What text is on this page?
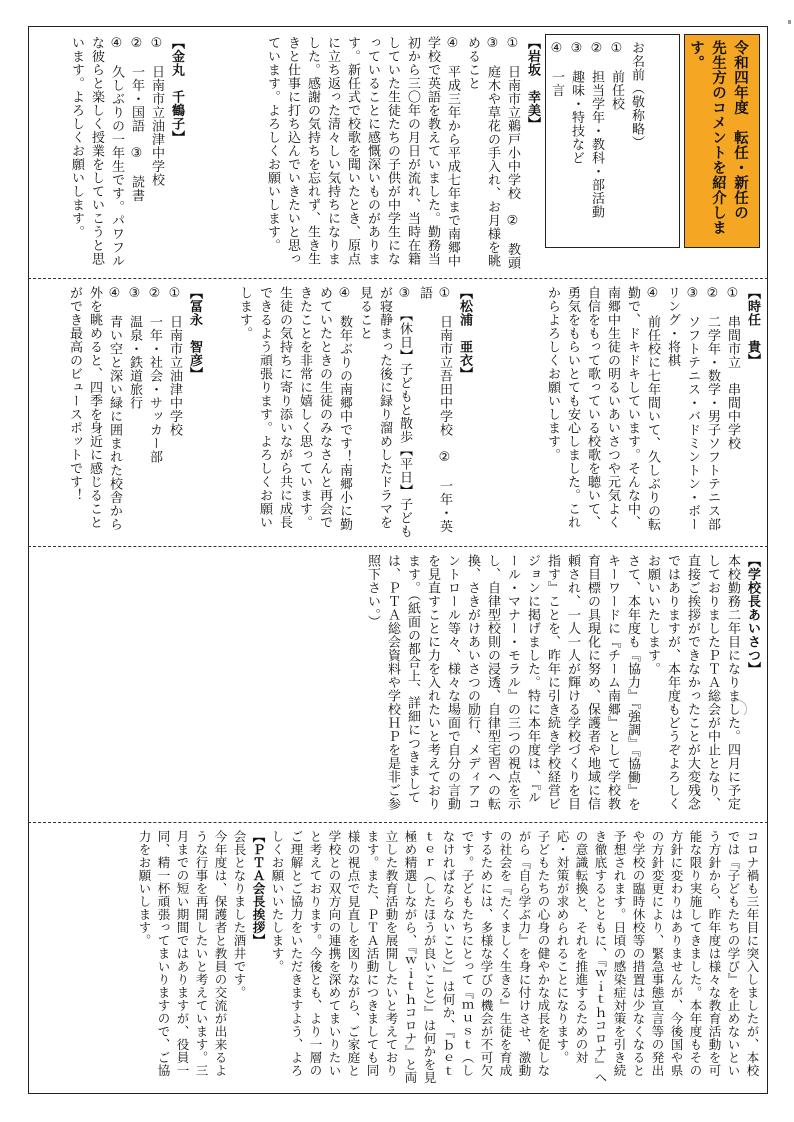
令和四年度　転任・新任の

先生方のコメントを紹介します。

お名前（敬称略）

①　前任校

②　担当学年・教科・部活動

③　趣味・特技など

④　一言

【岩坂　幸美】

①　日南市立鵜戸小中学校　②　教頭

③　庭木や草花の手入れ、お月様を眺めること

④　平成三年から平成七年まで南郷中学校で英語を教えていました。勤務当初から三〇年の月日が流れ、当時在籍していた生徒たちの子供が中学生になっていることに感慨深いものがあります。新任式で校歌を聞いたとき、原点に立ち返った清々しい気持ちになりました。感謝の気持ちを忘れず、生き生きと仕事に打ち込んでいきたいと思っています。よろしくお願いします。

【金丸　千鶴子】

①　日南市立油津中学校

②　一年・国語　③　読書

④　久しぶりの一年生です。パワフルな彼らと楽しく授業をしていこうと思います。よろしくお願いします。

【時任　貴】

①　串間市立　串間中学校

②　二学年・数学・男子ソフトテニス部

③　ソフトテニス・バドミントン・ボーリング・将棋

④　前任校に七年間いて、久しぶりの転勤で、ドキドキしています。そんな中、南郷中生徒の明るいあいさつや元気よく自信をもって歌っている校歌を聴いて、勇気をもらいとても安心しました。これからよろしくお願いします。

【松浦　亜衣】

①　日南市立吾田中学校　②　一年・英語

③　【休日】子どもと散歩【平日】子どもが寝静まった後に録り溜めしたドラマを見ること

④　数年ぶりの南郷中です！南郷小に勤めていたときの生徒のみなさんと再会できたことを非常に嬉しく思っています。生徒の気持ちに寄り添いながら共に成長できるよう頑張ります。よろしくお願いします。

【冨永　智彦】

①　日南市立油津中学校

②　一年・社会・サッカー部

③　温泉・鉄道旅行

④　青い空と深い緑に囲まれた校舎から外を眺めると、四季を身近に感じることができ最高のビュースポットです！

【学校長あいさつ】

本校勤務二年目になりました。四月に予定しておりましたＰＴＡ総会が中止となり、直接ご挨拶ができなかったことが大変残念ではありますが、本年度もどうぞよろしくお願いいたします。

さて、本年度も『協力』『強調』『協働』をキーワードに『チーム南郷』として学校教育目標の具現化に努め、保護者や地域に信頼され、一人一人が輝ける学校づくりを目指す』ことを、昨年に引き続き学校経営ビジョンに掲げました。特に本年度は、『ルール・マナー・モラル』の三つの視点を示し、自律型校則の浸透、自律型宅習への転換、さきがけあいさつの励行、メディアコントロール等々、様々な場面で自分の言動を見直すことに力を入れたいと考えております。（紙面の都合上、詳細につきましては、ＰＴＡ総会資料や学校ＨＰを是非ご参照下さい。）

コロナ禍も三年目に突入しましたが、本校では『子どもたちの学び』を止めないという方針から、昨年度は様々な教育活動を可能な限り実施してきました。本年度もその方針に変わりはありませんが、今後国や県の方針変更により、緊急事態宣言等の発出や学校の臨時休校等の措置は少なくなると予想されます。日頃の感染症対策を引き続き徹底するとともに、『ｗｉｔｈコロナ』への意識転換と、それを推進するための対応・対策が求められることになります。

子どもたちの心身の健やかな成長を促しながら『自ら学ぶ力』を身に付けさせ、激動の社会を『たくましく生きる』生徒を育成するためには、多様な学びの機会が不可欠です。子どもたちにとって『ｍｕｓｔ（しなければならないこと）』は何か、『ｂｅｔｔｅｒ（したほうが良いこと）』は何かを見極め精選しながら、『ｗｉｔｈコロナ』と両立した教育活動を展開したいと考えております。また、ＰＴＡ活動につきましても同様の視点で見直しを図りながら、ご家庭と学校との双方向の連携を深めてまいりたいと考えております。今後とも、より一層のご理解とご協力をいただきますよう、よろしくお願いいたします。

【ＰＴＡ会長挨拶】

会長となりました酒井です。

今年度は、保護者と教員の交流が出来るような行事を再開したいと考えています。三月までの短い期間ではありますが、役員一同、精一杯頑張ってまいりますので、ご協力をお願いします。
